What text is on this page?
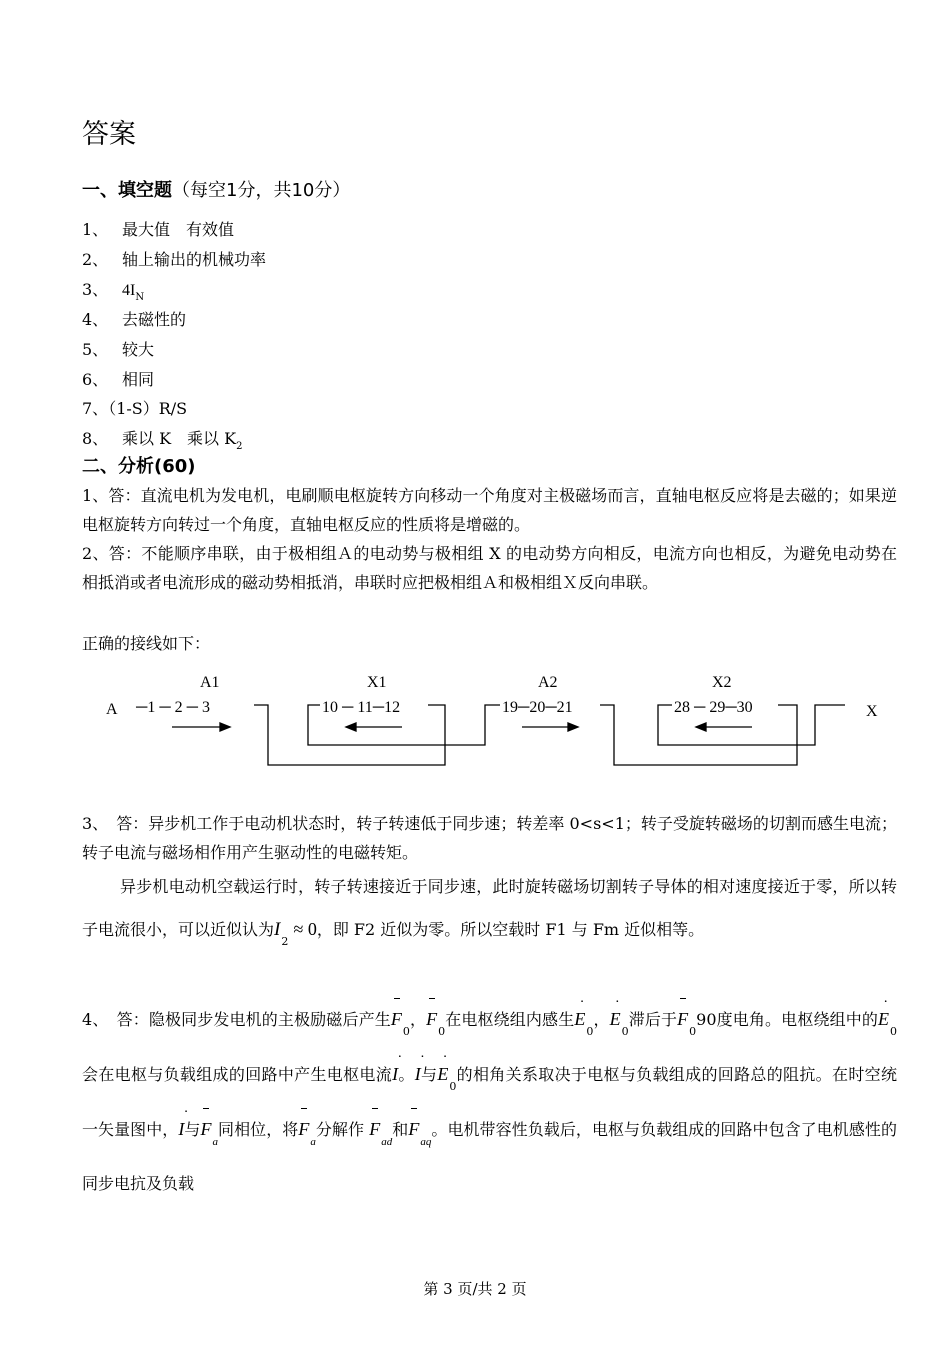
答案
一、填空题（每空1分，共10分）
1、 最大值　有效值
2、 轴上输出的机械功率
3、 $4I_N$
4、 去磁性的
5、 较大
6、 相同
7、（1-S）R/S
8、 乘以 K　乘以 $K_2$
二、分析(60)
1、答：直流电机为发电机，电刷顺电枢旋转方向移动一个角度对主极磁场而言，直轴电枢反应将是去磁的；如果逆电枢旋转方向转过一个角度，直轴电枢反应的性质将是增磁的。
2、答：不能顺序串联，由于极相组Ａ的电动势与极相组 X 的电动势方向相反，电流方向也相反，为避免电动势在相抵消或者电流形成的磁动势相抵消，串联时应把极相组Ａ和极相组Ｘ反向串联。
正确的接线如下：
A1	X1	A2	X2
A	X
─1 ─ 2 ─ 3	10 ─ 11─12	19─20─21	28 ─ 29─30
3、　答：异步机工作于电动机状态时，转子转速低于同步速；转差率 0<s<1；转子受旋转磁场的切割而感生电流；转子电流与磁场相作用产生驱动性的电磁转矩。
异步机电动机空载运行时，转子转速接近于同步速，此时旋转磁场切割转子导体的相对速度接近于零，所以转子电流很小，可以近似认为$I_2 \approx 0$，即 F2 近似为零。所以空载时 F1 与 Fm 近似相等。
4、　答：隐极同步发电机的主极励磁后产生$F_0$，$F_0$在电枢绕组内感生˙ $E_0$，˙ $E_0$滞后于$F_090$度电角。电枢绕组中的˙ $E_0$会在电枢与负载组成的回路中产生电枢电流˙ I。˙ I与˙ $E_0$的相角关系取决于电枢与负载组成的回路总的阻抗。在时空统一矢量图中，˙ I与$F_a$同相位，将$F_a$分解作 $F_{ad}$和$F_{aq}$。电机带容性负载后，电枢与负载组成的回路中包含了电机感性的同步电抗及负载
第 3 页/共 2 页
